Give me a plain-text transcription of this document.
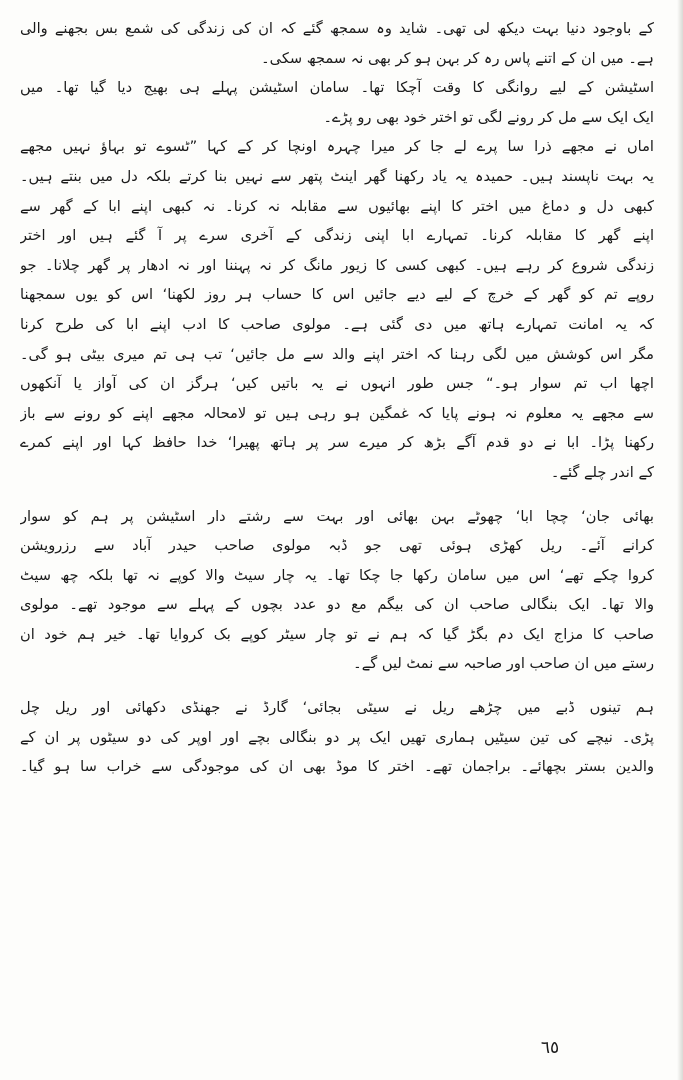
کے باوجود دنیا بہت دیکھ لی تھی۔ شاید وہ سمجھ گئے کہ ان کی زندگی کی شمع بس بجھنے والی
ہے۔ میں ان کے اتنے پاس رہ کر بہن ہو کر بھی نہ سمجھ سکی۔
اسٹیشن کے لیے روانگی کا وقت آچکا تھا۔ سامان اسٹیشن پہلے ہی بھیج دیا گیا تھا۔ میں
ایک ایک سے مل کر رونے لگی تو اختر خود بھی رو پڑے۔
اماں نے مجھے ذرا سا پرے لے جا کر میرا چہرہ اونچا کر کے کہا ”ٹسوے تو بہاؤ نہیں مجھے
یہ بہت ناپسند ہیں۔ حمیدہ یہ یاد رکھنا گھر اینٹ پتھر سے نہیں بنا کرتے بلکہ دل میں بنتے ہیں۔
کبھی دل و دماغ میں اختر کا اپنے بھائیوں سے مقابلہ نہ کرنا۔ نہ کبھی اپنے ابا کے گھر سے
اپنے گھر کا مقابلہ کرنا۔ تمہارے ابا اپنی زندگی کے آخری سرے پر آ گئے ہیں اور اختر
زندگی شروع کر رہے ہیں۔ کبھی کسی کا زیور مانگ کر نہ پہننا اور نہ ادھار پر گھر چلانا۔ جو
روپے تم کو گھر کے خرچ کے لیے دیے جائیں اس کا حساب ہر روز لکھنا‘ اس کو یوں سمجھنا
کہ یہ امانت تمہارے ہاتھ میں دی گئی ہے۔ مولوی صاحب کا ادب اپنے ابا کی طرح کرنا
مگر اس کوشش میں لگی رہنا کہ اختر اپنے والد سے مل جائیں‘ تب ہی تم میری بیٹی ہو گی۔
اچھا اب تم سوار ہو۔“ جس طور انہوں نے یہ باتیں کیں‘ ہرگز ان کی آواز یا آنکھوں
سے مجھے یہ معلوم نہ ہونے پایا کہ غمگین ہو رہی ہیں تو لامحالہ مجھے اپنے کو رونے سے باز
رکھنا پڑا۔ ابا نے دو قدم آگے بڑھ کر میرے سر پر ہاتھ پھیرا‘ خدا حافظ کہا اور اپنے کمرے
کے اندر چلے گئے۔
بھائی جان‘ چچا ابا‘ چھوٹے بہن بھائی اور بہت سے رشتے دار اسٹیشن پر ہم کو سوار
کرانے آئے۔ ریل کھڑی ہوئی تھی جو ڈبہ مولوی صاحب حیدر آباد سے رزرویشن
کروا چکے تھے‘ اس میں سامان رکھا جا چکا تھا۔ یہ چار سیٹ والا کوپے نہ تھا بلکہ چھ سیٹ
والا تھا۔ ایک بنگالی صاحب ان کی بیگم مع دو عدد بچوں کے پہلے سے موجود تھے۔ مولوی
صاحب کا مزاج ایک دم بگڑ گیا کہ ہم نے تو چار سیٹر کوپے بک کروایا تھا۔ خیر ہم خود ان
رستے میں ان صاحب اور صاحبہ سے نمٹ لیں گے۔
ہم تینوں ڈبے میں چڑھے ریل نے سیٹی بجائی‘ گارڈ نے جھنڈی دکھائی اور ریل چل
پڑی۔ نیچے کی تین سیٹیں ہماری تھیں ایک پر دو بنگالی بچے اور اوپر کی دو سیٹوں پر ان کے
والدین بستر بچھائے۔ براجمان تھے۔ اختر کا موڈ بھی ان کی موجودگی سے خراب سا ہو گیا۔
٦٥
